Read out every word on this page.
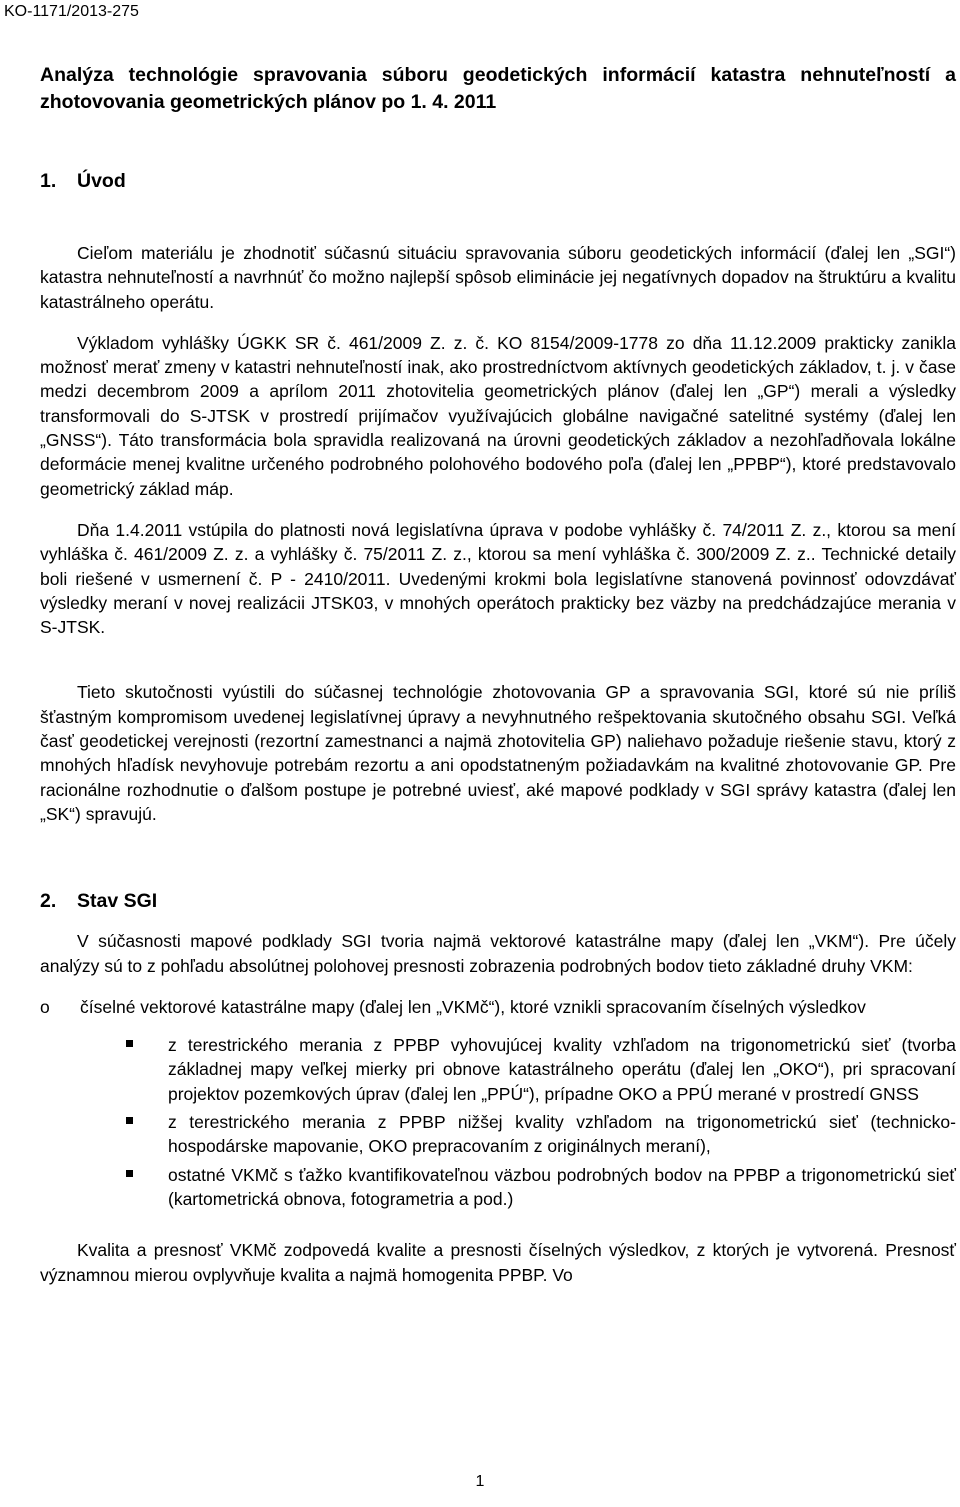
KO-1171/2013-275
Analýza technológie spravovania súboru geodetických informácií katastra nehnuteľností a zhotovovania geometrických plánov po 1. 4. 2011
1. Úvod

Cieľom materiálu je zhodnotiť súčasnú situáciu spravovania súboru geodetických informácií (ďalej len „SGI“) katastra nehnuteľností a navrhnúť čo možno najlepší spôsob eliminácie jej negatívnych dopadov na štruktúru a kvalitu katastrálneho operátu.

Výkladom vyhlášky ÚGKK SR č. 461/2009 Z. z. č. KO 8154/2009-1778 zo dňa 11.12.2009 prakticky zanikla možnosť merať zmeny v katastri nehnuteľností inak, ako prostredníctvom aktívnych geodetických základov, t. j. v čase medzi decembrom 2009 a aprílom 2011 zhotovitelia geometrických plánov (ďalej len „GP“) merali a výsledky transformovali do S-JTSK v prostredí prijímačov využívajúcich globálne navigačné satelitné systémy (ďalej len „GNSS“). Táto transformácia bola spravidla realizovaná na úrovni geodetických základov a nezohľadňovala lokálne deformácie menej kvalitne určeného podrobného polohového bodového poľa (ďalej len „PPBP“), ktoré predstavovalo geometrický základ máp.

Dňa 1.4.2011 vstúpila do platnosti nová legislatívna úprava v podobe vyhlášky č. 74/2011 Z. z., ktorou sa mení vyhláška č. 461/2009 Z. z. a vyhlášky č. 75/2011 Z. z., ktorou sa mení vyhláška č. 300/2009 Z. z.. Technické detaily boli riešené v usmernení č. P - 2410/2011. Uvedenými krokmi bola legislatívne stanovená povinnosť odovzdávať výsledky meraní v novej realizácii JTSK03, v mnohých operátoch prakticky bez väzby na predchádzajúce merania v S-JTSK.

Tieto skutočnosti vyústili do súčasnej technológie zhotovovania GP a spravovania SGI, ktoré sú nie príliš šťastným kompromisom uvedenej legislatívnej úpravy a nevyhnutného rešpektovania skutočného obsahu SGI. Veľká časť geodetickej verejnosti (rezortní zamestnanci a najmä zhotovitelia GP) naliehavo požaduje riešenie stavu, ktorý z mnohých hľadísk nevyhovuje potrebám rezortu a ani opodstatneným požiadavkám na kvalitné zhotovovanie GP. Pre racionálne rozhodnutie o ďalšom postupe je potrebné uviesť, aké mapové podklady v SGI správy katastra (ďalej len „SK“) spravujú.

2. Stav SGI

V súčasnosti mapové podklady SGI tvoria najmä vektorové katastrálne mapy (ďalej len „VKM“). Pre účely analýzy sú to z pohľadu absolútnej polohovej presnosti zobrazenia podrobných bodov tieto základné druhy VKM:

o číselné vektorové katastrálne mapy (ďalej len „VKMč“), ktoré vznikli spracovaním číselných výsledkov

z terestrického merania z PPBP vyhovujúcej kvality vzhľadom na trigonometrickú sieť (tvorba základnej mapy veľkej mierky pri obnove katastrálneho operátu (ďalej len „OKO“), pri spracovaní projektov pozemkových úprav (ďalej len „PPÚ“), prípadne OKO a PPÚ merané v prostredí GNSS

z terestrického merania z PPBP nižšej kvality vzhľadom na trigonometrickú sieť (technicko-hospodárske mapovanie, OKO prepracovaním z originálnych meraní),

ostatné VKMč s ťažko kvantifikovateľnou väzbou podrobných bodov na PPBP a trigonometrickú sieť (kartometrická obnova, fotogrametria a pod.)

Kvalita a presnosť VKMč zodpovedá kvalite a presnosti číselných výsledkov, z ktorých je vytvorená. Presnosť významnou mierou ovplyvňuje kvalita a najmä homogenita PPBP. Vo

1
